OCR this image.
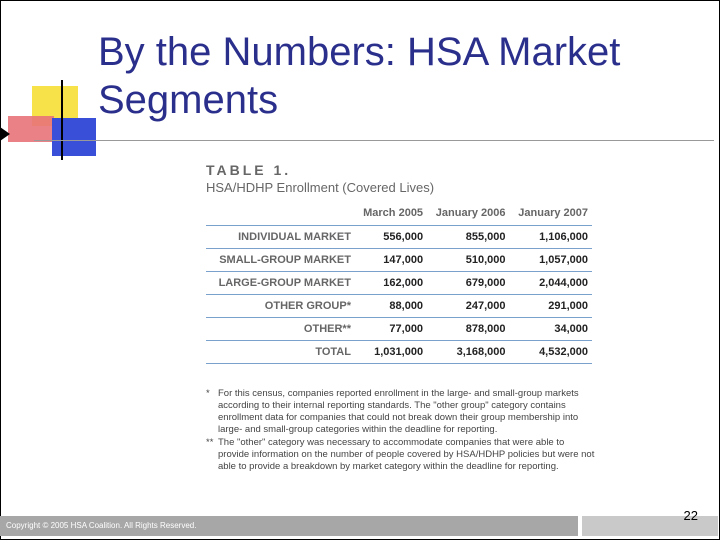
By the Numbers: HSA Market Segments

TABLE 1.

HSA/HDHP Enrollment (Covered Lives)

	March 2005	January 2006	January 2007
INDIVIDUAL MARKET	556,000	855,000	1,106,000
SMALL-GROUP MARKET	147,000	510,000	1,057,000
LARGE-GROUP MARKET	162,000	679,000	2,044,000
OTHER GROUP*	88,000	247,000	291,000
OTHER**	77,000	878,000	34,000
TOTAL	1,031,000	3,168,000	4,532,000
* For this census, companies reported enrollment in the large- and small-group markets according to their internal reporting standards. The "other group" category contains enrollment data for companies that could not break down their group membership into large- and small-group categories within the deadline for reporting.
** The "other" category was necessary to accommodate companies that were able to provide information on the number of people covered by HSA/HDHP policies but were not able to provide a breakdown by market category within the deadline for reporting.
Copyright © 2005 HSA Coalition. All Rights Reserved.
22
